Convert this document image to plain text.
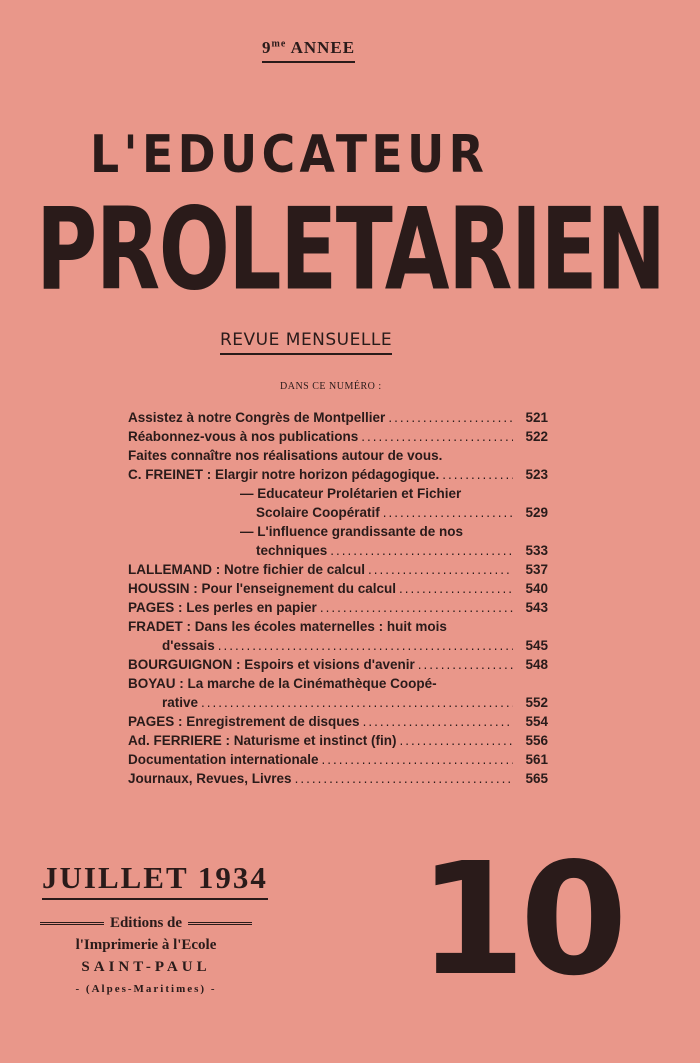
$9^{me}$ ANNEE
L'EDUCATEUR
PROLETARIEN
REVUE MENSUELLE
DANS CE NUMÉRO :
Assistez à notre Congrès de Montpellier .....	521
Réabonnez-vous à nos publications .....	522
Faites connaître nos réalisations autour de vous.
C. FREINET : Elargir notre horizon pédagogique. .....	523
— Educateur Prolétarien et Fichier
Scolaire Coopératif .....	529
— L'influence grandissante de nos
techniques .....	533
LALLEMAND : Notre fichier de calcul .....	537
HOUSSIN : Pour l'enseignement du calcul .....	540
PAGES : Les perles en papier .....	543
FRADET : Dans les écoles maternelles : huit mois
d'essais .....	545
BOURGUIGNON : Espoirs et visions d'avenir .....	548
BOYAU : La marche de la Cinémathèque Coopé-
rative .....	552
PAGES : Enregistrement de disques .....	554
Ad. FERRIERE : Naturisme et instinct (fin) .....	556
Documentation internationale .....	561
Journaux, Revues, Livres .....	565
JUILLET 1934
Editions de
l'Imprimerie à l'Ecole
SAINT-PAUL
- (Alpes-Maritimes) - 10
